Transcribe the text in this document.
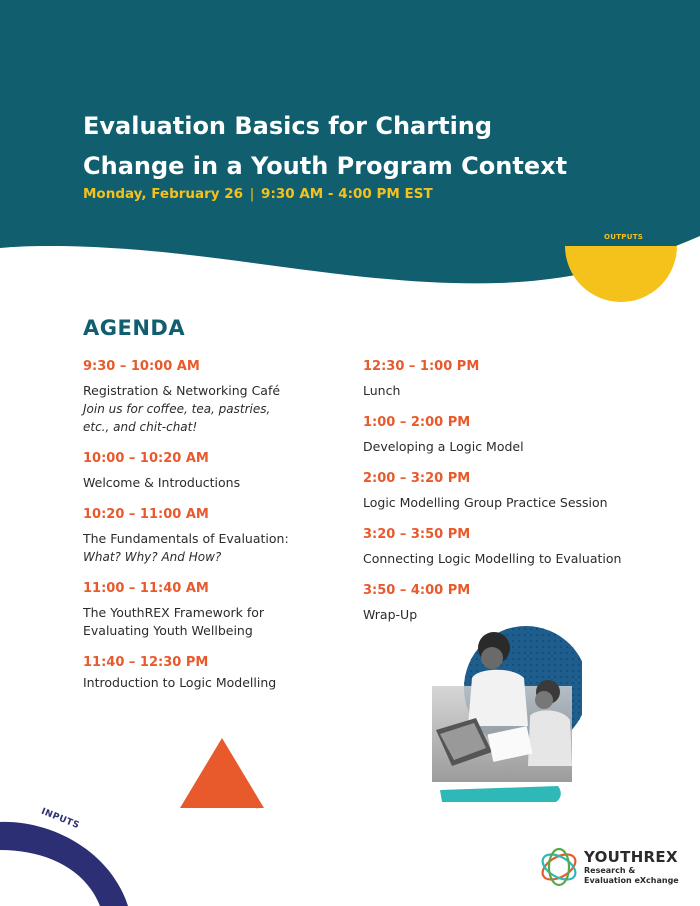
Evaluation Basics for Charting
Change in a Youth Program Context
Monday, February 26 | 9:30 AM - 4:00 PM EST
OUTPUTS
AGENDA
9:30 – 10:00 AM
Registration & Networking Café
Join us for coffee, tea, pastries, etc., and chit-chat!
10:00 – 10:20 AM
Welcome & Introductions
10:20 – 11:00 AM
The Fundamentals of Evaluation:
What? Why? And How?
11:00 – 11:40 AM
The YouthREX Framework for Evaluating Youth Wellbeing
11:40 – 12:30 PM
Introduction to Logic Modelling
12:30 – 1:00 PM
Lunch
1:00 – 2:00 PM
Developing a Logic Model
2:00 – 3:20 PM
Logic Modelling Group Practice Session
3:20 – 3:50 PM
Connecting Logic Modelling to Evaluation
3:50 – 4:00 PM
Wrap-Up
OUTCOMES
INPUTS
YOUTHREX
Research &
Evaluation eXchange
